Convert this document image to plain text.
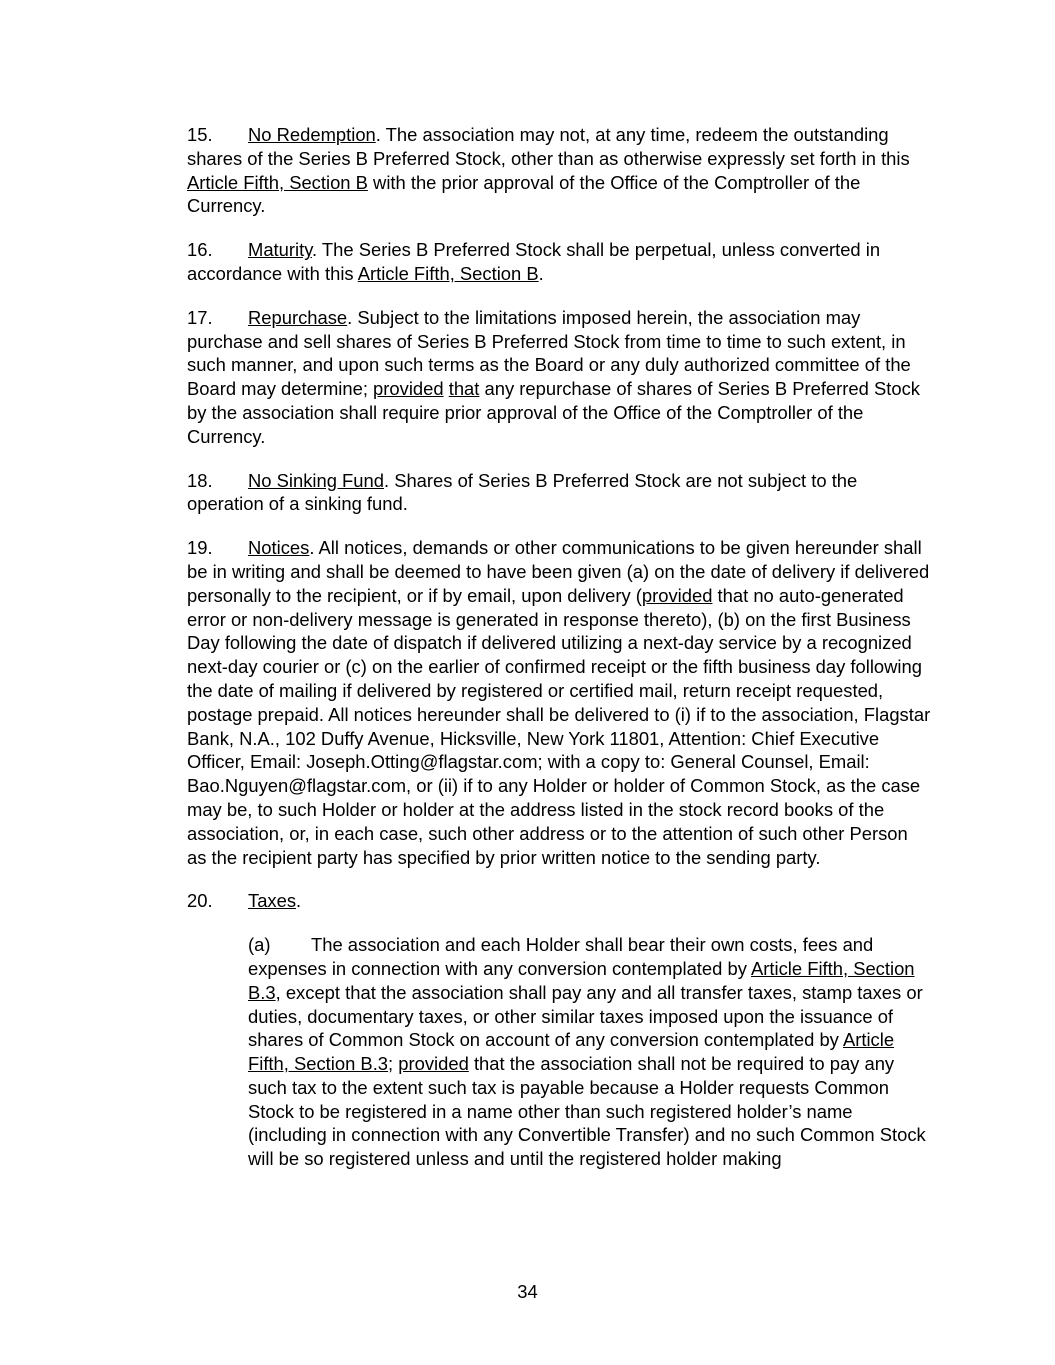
15. No Redemption. The association may not, at any time, redeem the outstanding shares of the Series B Preferred Stock, other than as otherwise expressly set forth in this Article Fifth, Section B with the prior approval of the Office of the Comptroller of the Currency.

16. Maturity. The Series B Preferred Stock shall be perpetual, unless converted in accordance with this Article Fifth, Section B.

17. Repurchase. Subject to the limitations imposed herein, the association may purchase and sell shares of Series B Preferred Stock from time to time to such extent, in such manner, and upon such terms as the Board or any duly authorized committee of the Board may determine; provided that any repurchase of shares of Series B Preferred Stock by the association shall require prior approval of the Office of the Comptroller of the Currency.

18. No Sinking Fund. Shares of Series B Preferred Stock are not subject to the operation of a sinking fund.

19. Notices. All notices, demands or other communications to be given hereunder shall be in writing and shall be deemed to have been given (a) on the date of delivery if delivered personally to the recipient, or if by email, upon delivery (provided that no auto-generated error or non-delivery message is generated in response thereto), (b) on the first Business Day following the date of dispatch if delivered utilizing a next-day service by a recognized next-day courier or (c) on the earlier of confirmed receipt or the fifth business day following the date of mailing if delivered by registered or certified mail, return receipt requested, postage prepaid. All notices hereunder shall be delivered to (i) if to the association, Flagstar Bank, N.A., 102 Duffy Avenue, Hicksville, New York 11801, Attention: Chief Executive Officer, Email: Joseph.Otting@flagstar.com; with a copy to: General Counsel, Email: Bao.Nguyen@flagstar.com, or (ii) if to any Holder or holder of Common Stock, as the case may be, to such Holder or holder at the address listed in the stock record books of the association, or, in each case, such other address or to the attention of such other Person as the recipient party has specified by prior written notice to the sending party.

20. Taxes.

(a) The association and each Holder shall bear their own costs, fees and expenses in connection with any conversion contemplated by Article Fifth, Section B.3, except that the association shall pay any and all transfer taxes, stamp taxes or duties, documentary taxes, or other similar taxes imposed upon the issuance of shares of Common Stock on account of any conversion contemplated by Article Fifth, Section B.3; provided that the association shall not be required to pay any such tax to the extent such tax is payable because a Holder requests Common Stock to be registered in a name other than such registered holder’s name (including in connection with any Convertible Transfer) and no such Common Stock will be so registered unless and until the registered holder making

34
